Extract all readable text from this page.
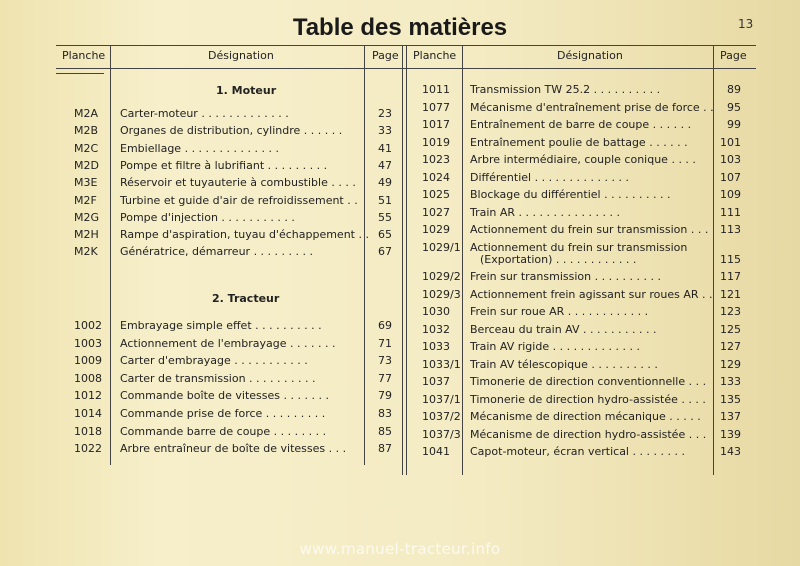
Table des matières	13
Planche	Désignation	Page Planche	Désignation	Page
1. Moteur
2. Tracteur
M2A Carter-moteur . . . . . . . . . . . . .	23
M2B Organes de distribution, cylindre . . . . . .	33
M2C Embiellage . . . . . . . . . . . . . .	41
M2D Pompe et filtre à lubrifiant . . . . . . . . .	47
M3E Réservoir et tuyauterie à combustible . . . .	49
M2F Turbine et guide d'air de refroidissement . .	51
M2G Pompe d'injection . . . . . . . . . . .	55
M2H Rampe d'aspiration, tuyau d'échappement . . 65
M2K Génératrice, démarreur . . . . . . . . .	67
1002 Embrayage simple effet . . . . . . . . . .	69
1003 Actionnement de l'embrayage . . . . . . .	71
1009 Carter d'embrayage . . . . . . . . . . .	73
1008 Carter de transmission . . . . . . . . . .	77
1012 Commande boîte de vitesses . . . . . . .	79
1014 Commande prise de force . . . . . . . . .	83
1018 Commande barre de coupe . . . . . . . .	85
1022 Arbre entraîneur de boîte de vitesses . . .	87
1011 Transmission TW 25.2 . . . . . . . . . .	89
1077 Mécanisme d'entraînement prise de force . .	95
1017 Entraînement de barre de coupe . . . . . .	99
1019 Entraînement poulie de battage . . . . . .	101
1023 Arbre intermédiaire, couple conique . . . .	103
1024 Différentiel . . . . . . . . . . . . . .	107
1025 Blockage du différentiel . . . . . . . . . .	109
1027 Train AR . . . . . . . . . . . . . . .	111
1029 Actionnement du frein sur transmission . . .	113
1029/1 Actionnement du frein sur transmission
(Exportation) . . . . . . . . . . . .	115
1029/2 Frein sur transmission . . . . . . . . . .	117
1029/3 Actionnement frein agissant sur roues AR . . 121
1030 Frein sur roue AR . . . . . . . . . . . .	123
1032 Berceau du train AV . . . . . . . . . . .	125
1033 Train AV rigide . . . . . . . . . . . . .	127
1033/1 Train AV télescopique . . . . . . . . . .	129
1037 Timonerie de direction conventionnelle . . .	133
1037/1 Timonerie de direction hydro-assistée . . . .	135
1037/2 Mécanisme de direction mécanique . . . . .	137
1037/3 Mécanisme de direction hydro-assistée . . .	139
1041 Capot-moteur, écran vertical . . . . . . . .	143
www.manuel-tracteur.info
